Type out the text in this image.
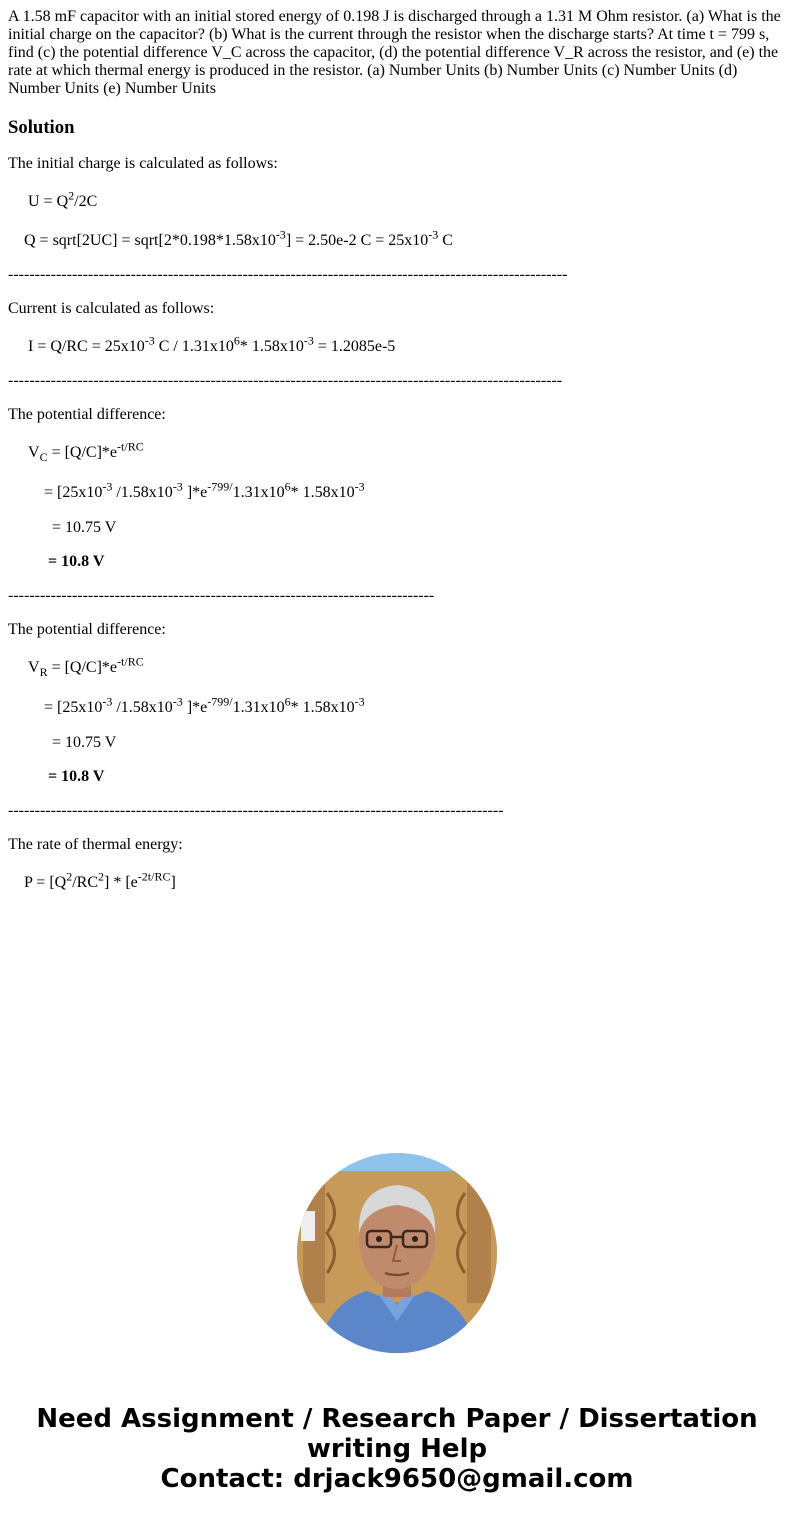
A 1.58 mF capacitor with an initial stored energy of 0.198 J is discharged through a 1.31 M Ohm resistor. (a) What is the initial charge on the capacitor? (b) What is the current through the resistor when the discharge starts? At time t = 799 s, find (c) the potential difference V_C across the capacitor, (d) the potential difference V_R across the resistor, and (e) the rate at which thermal energy is produced in the resistor. (a) Number Units (b) Number Units (c) Number Units (d) Number Units (e) Number Units

Solution

The initial charge is calculated as follows:

$U = Q^2/2C$

Q = sqrt[2UC] = $sqrt[2*0.198*1.58x10^{-3}] = 2.50e-2$ $C = 25x10^{-3}$ C

---------------------------------------------------------------------------------------------------------

Current is calculated as follows:

$I = Q/RC = 25x10^{-3}$ C / $1.31x10^6*$ $1.58x10^{-3} = 1.2085e-5$

--------------------------------------------------------------------------------------------------------

The potential difference:

$V_C = [Q/C]*e^{-t/RC}$

= [$25x10^{-3}$ $/1.58x10^{-3}$ ]$*e^{-799/}1.31x10^6*$ $1.58x10^{-3}$

= 10.75 V

= 10.8 V

--------------------------------------------------------------------------------

The potential difference:

$V_R = [Q/C]*e^{-t/RC}$

= [$25x10^{-3}$ $/1.58x10^{-3}$ ]$*e^{-799/}1.31x10^6*$ $1.58x10^{-3}$

= 10.75 V

= 10.8 V

---------------------------------------------------------------------------------------------

The rate of thermal energy:

$P = [Q^2/RC^2] * [e^{-2t/RC}]$

Need Assignment / Research Paper / Dissertation
writing Help
Contact: drjack9650@gmail.com
